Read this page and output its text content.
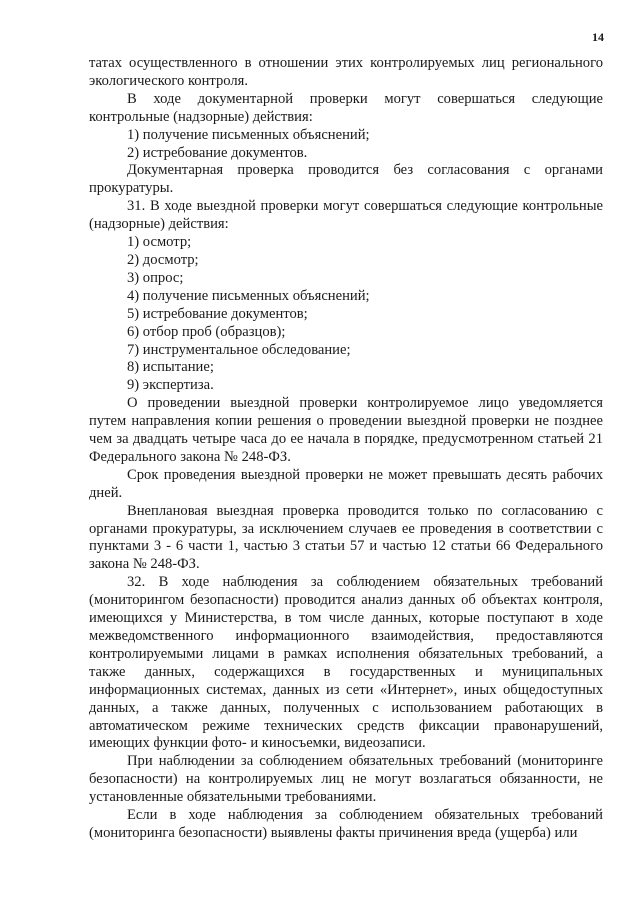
14

татах осуществленного в отношении этих контролируемых лиц регионального экологического контроля.

В ходе документарной проверки могут совершаться следующие контрольные (надзорные) действия:

1) получение письменных объяснений;

2) истребование документов.

Документарная проверка проводится без согласования с органами прокуратуры.

31. В ходе выездной проверки могут совершаться следующие контрольные (надзорные) действия:

1) осмотр;

2) досмотр;

3) опрос;

4) получение письменных объяснений;

5) истребование документов;

6) отбор проб (образцов);

7) инструментальное обследование;

8) испытание;

9) экспертиза.

О проведении выездной проверки контролируемое лицо уведомляется путем направления копии решения о проведении выездной проверки не позднее чем за двадцать четыре часа до ее начала в порядке, предусмотренном статьей 21 Федерального закона № 248-ФЗ.

Срок проведения выездной проверки не может превышать десять рабочих дней.

Внеплановая выездная проверка проводится только по согласованию с органами прокуратуры, за исключением случаев ее проведения в соответствии с пунктами 3 - 6 части 1, частью 3 статьи 57 и частью 12 статьи 66 Федерального закона № 248-ФЗ.

32. В ходе наблюдения за соблюдением обязательных требований (мониторингом безопасности) проводится анализ данных об объектах контроля, имеющихся у Министерства, в том числе данных, которые поступают в ходе межведомственного информационного взаимодействия, предоставляются контролируемыми лицами в рамках исполнения обязательных требований, а также данных, содержащихся в государственных и муниципальных информационных системах, данных из сети «Интернет», иных общедоступных данных, а также данных, полученных с использованием работающих в автоматическом режиме технических средств фиксации правонарушений, имеющих функции фото- и киносъемки, видеозаписи.

При наблюдении за соблюдением обязательных требований (мониторинге безопасности) на контролируемых лиц не могут возлагаться обязанности, не установленные обязательными требованиями.

Если в ходе наблюдения за соблюдением обязательных требований (мониторинга безопасности) выявлены факты причинения вреда (ущерба) или
